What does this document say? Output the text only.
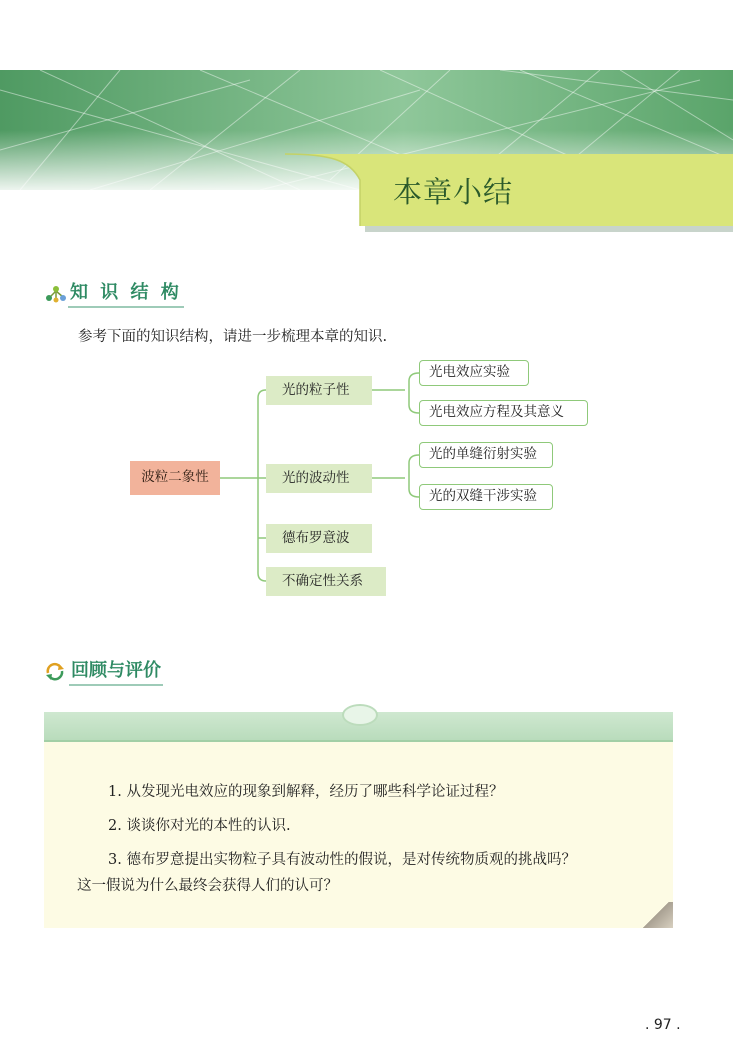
本章小结
知 识 结 构
参考下面的知识结构，请进一步梳理本章的知识.
波粒二象性
光的粒子性
光的波动性
德布罗意波
不确定性关系
光电效应实验
光电效应方程及其意义
光的单缝衍射实验
光的双缝干涉实验
回顾与评价
1. 从发现光电效应的现象到解释，经历了哪些科学论证过程？
2. 谈谈你对光的本性的认识.
3. 德布罗意提出实物粒子具有波动性的假说，是对传统物质观的挑战吗？
这一假说为什么最终会获得人们的认可？
. 97 .
